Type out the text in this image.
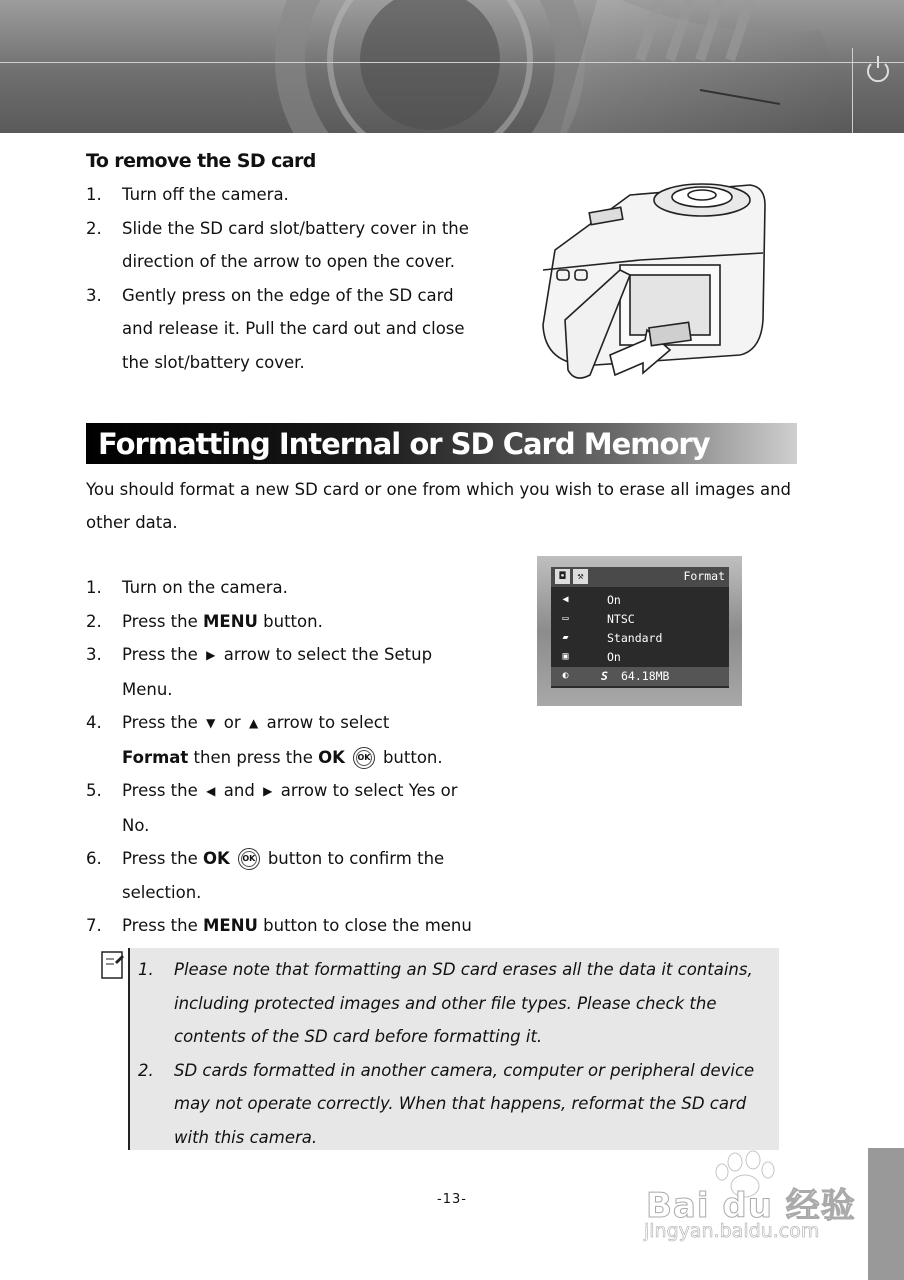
To remove the SD card
1. Turn off the camera.
2. Slide the SD card slot/battery cover in the direction of the arrow to open the cover.
3. Gently press on the edge of the SD card and release it. Pull the card out and close the slot/battery cover.
Formatting Internal or SD Card Memory

You should format a new SD card or one from which you wish to erase all images and other data.

1. Turn on the camera.
2. Press the MENU button.
3. Press the ▶ arrow to select the Setup Menu.
4. Press the ▼ or ▲ arrow to select
Format then press the OK OK button.
5. Press the ◀ and ▶ arrow to select Yes or No.
6. Press the OK OK button to confirm the selection.
7. Press the MENU button to close the menu
◘	⚒	Format
◀	On
▭	NTSC
▰	Standard
▣	On
◐	S 64.18MB
1. Please note that formatting an SD card erases all the data it contains, including protected images and other file types. Please check the contents of the SD card before formatting it.
2. SD cards formatted in another camera, computer or peripheral device may not operate correctly. When that happens, reformat the SD card with this camera.
-13-	Bai du 经验
jingyan.baidu.com
